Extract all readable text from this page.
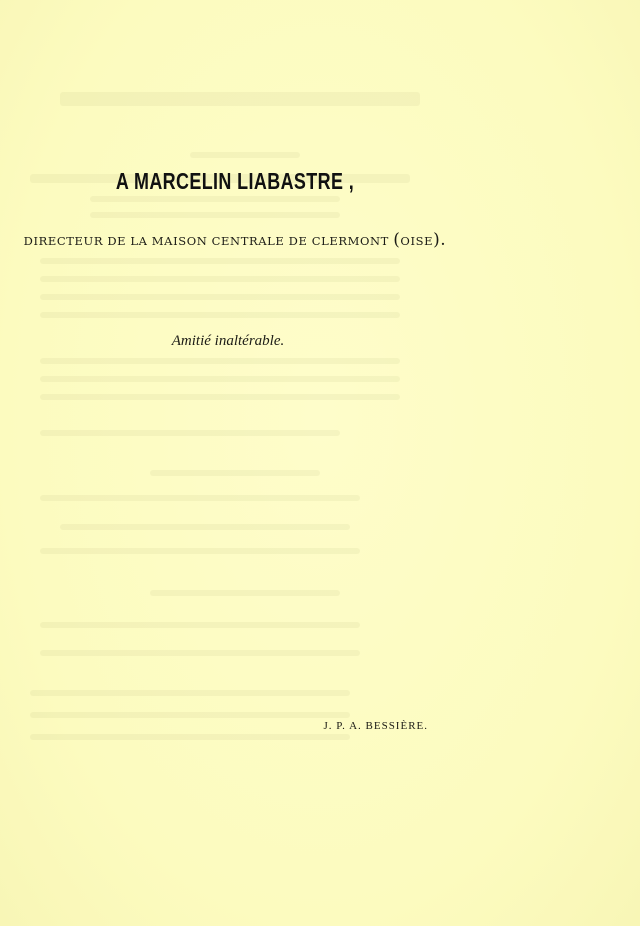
A MARCELIN LIABASTRE ,
DIRECTEUR DE LA MAISON CENTRALE DE CLERMONT (OISE).
Amitié inaltérable.
J. P. A. BESSIÈRE.
